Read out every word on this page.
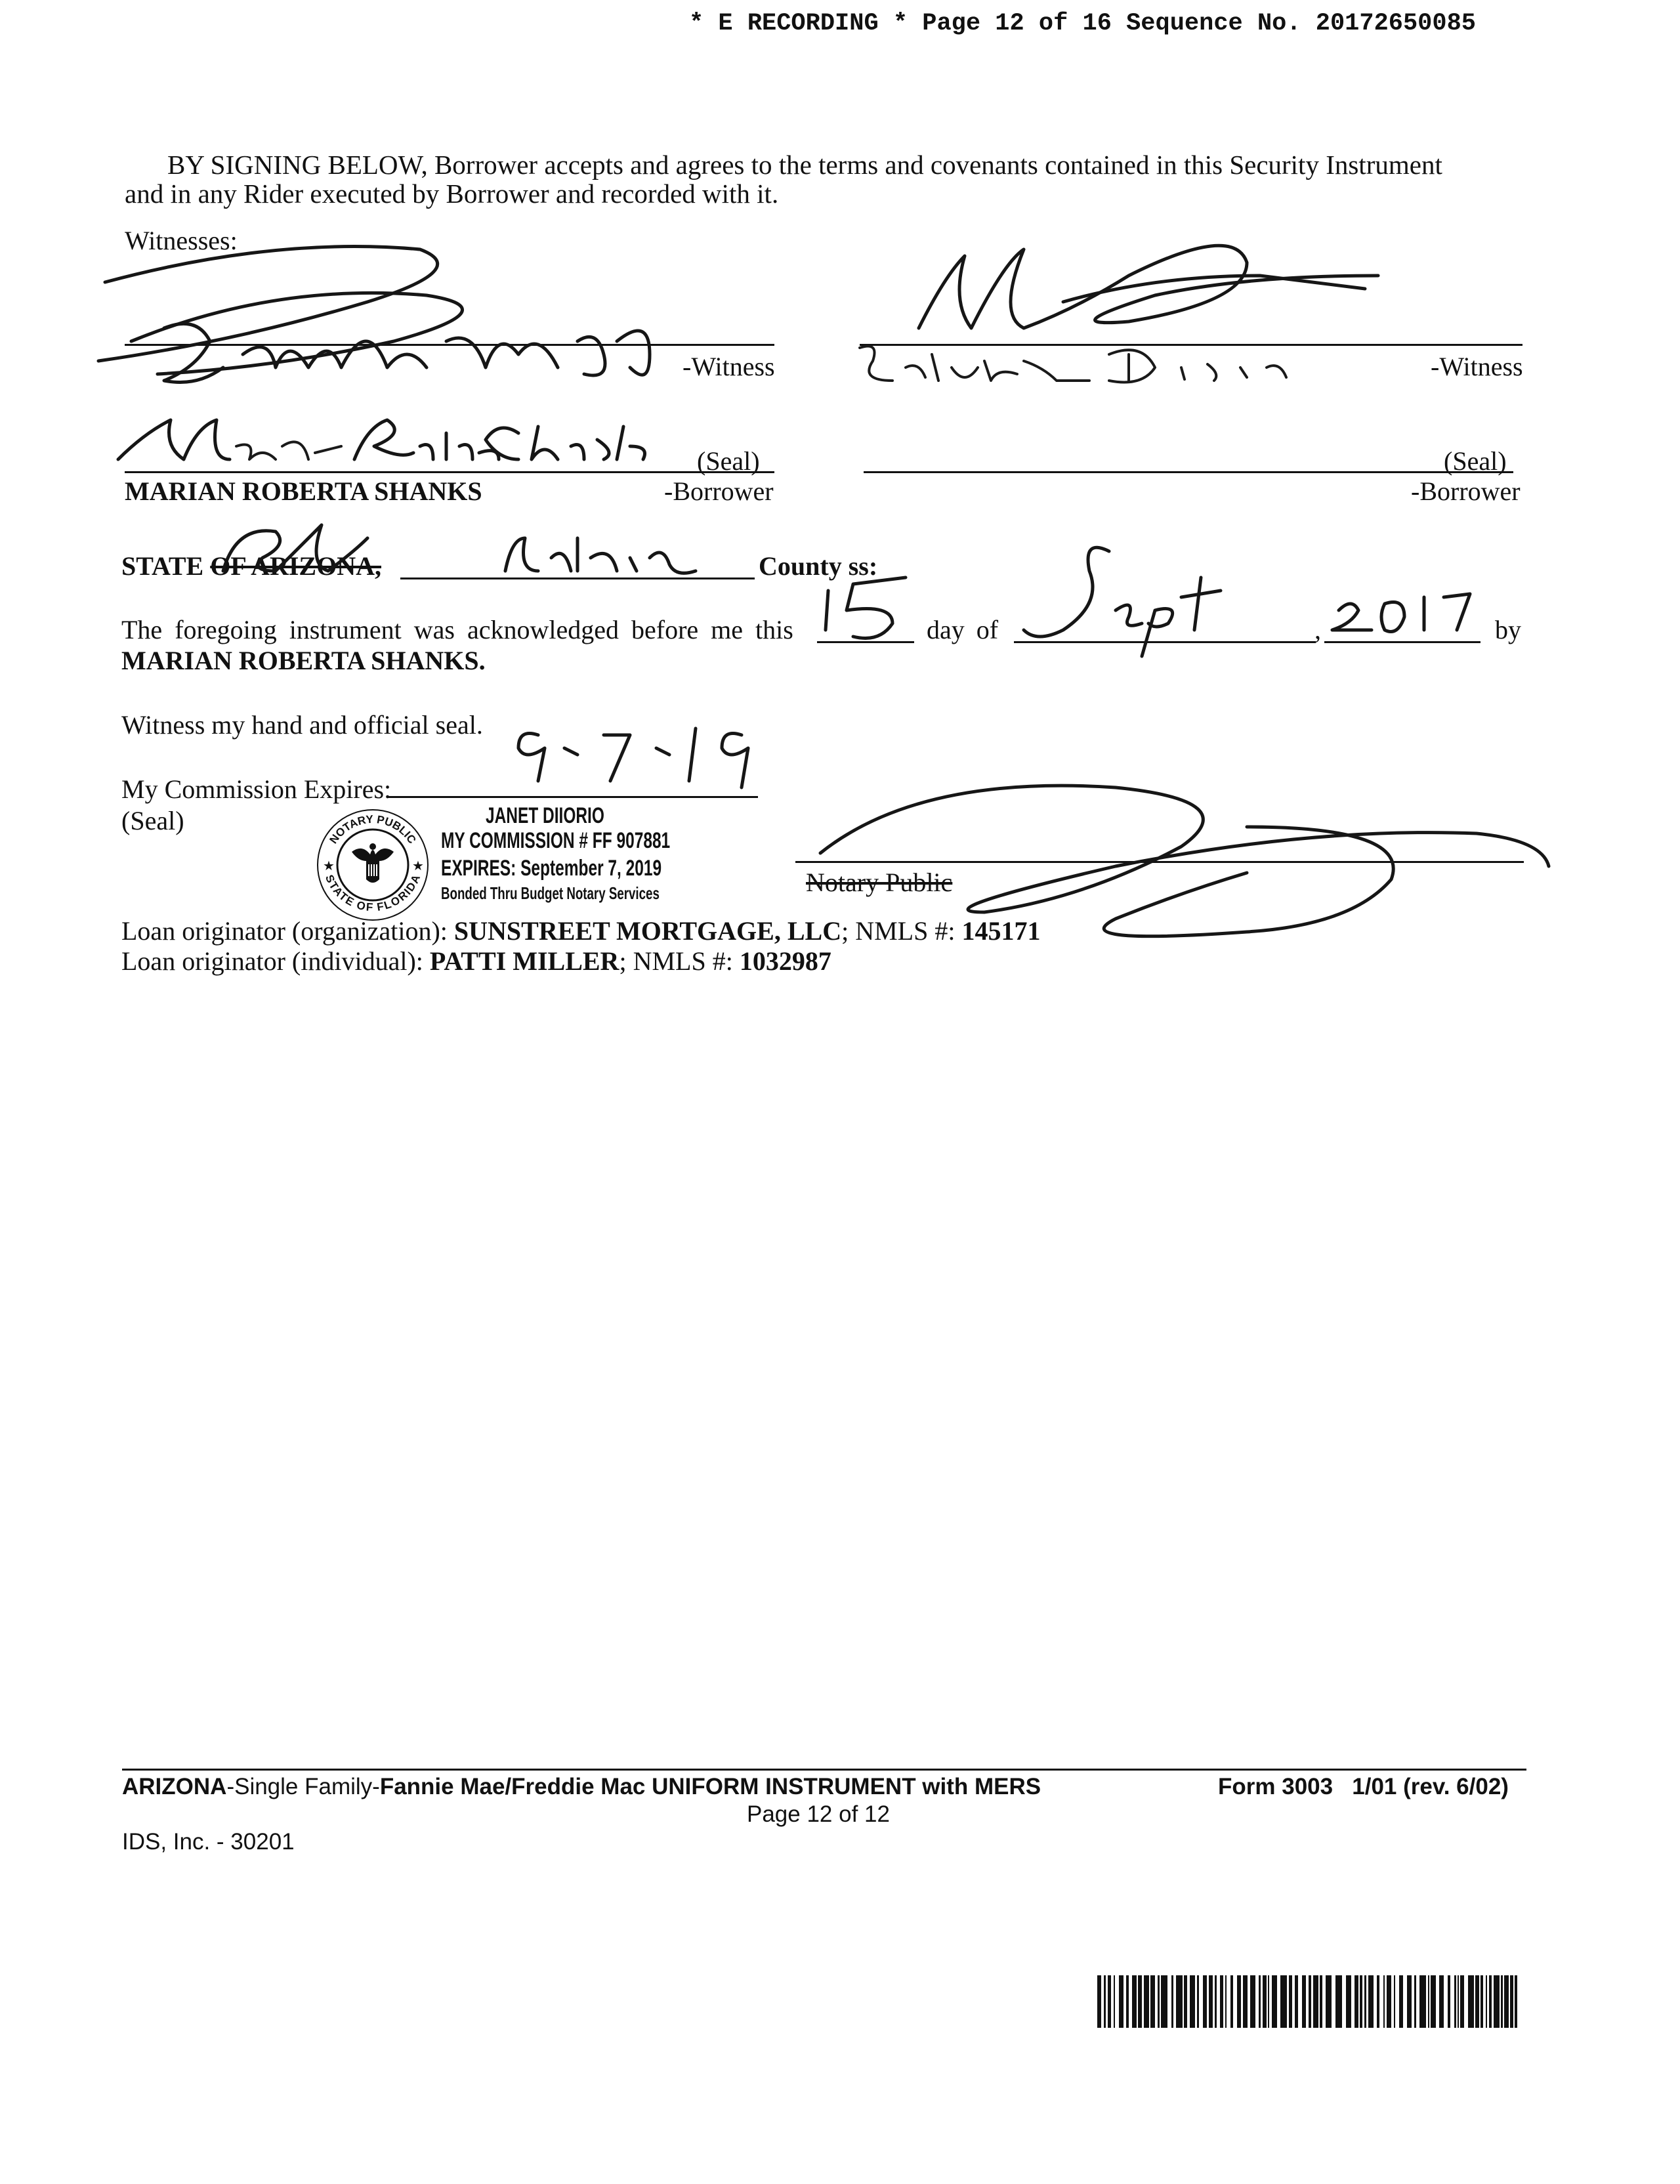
* E RECORDING * Page 12 of 16 Sequence No. 20172650085
BY SIGNING BELOW, Borrower accepts and agrees to the terms and covenants contained in this Security Instrument
and in any Rider executed by Borrower and recorded with it.
Witnesses:
-Witness	-Witness
(Seal)
MARIAN ROBERTA SHANKS	-Borrower
(Seal)
-Borrower
STATE OF ARIZONA,	County ss:
The foregoing instrument was acknowledged before me this	day of	,	by
MARIAN ROBERTA SHANKS.
Witness my hand and official seal.
My Commission Expires:
(Seal)
Notary Public
NOTARY PUBLIC
STATE OF FLORIDA
★	★
JANET DIIORIO
MY COMMISSION # FF 907881
EXPIRES: September 7, 2019
Bonded Thru Budget Notary Services
Loan originator (organization): SUNSTREET MORTGAGE, LLC; NMLS #: 145171
Loan originator (individual): PATTI MILLER; NMLS #: 1032987
ARIZONA-Single Family-Fannie Mae/Freddie Mac UNIFORM INSTRUMENT with MERS	Form 3003   1/01 (rev. 6/02)
Page 12 of 12
IDS, Inc. - 30201
